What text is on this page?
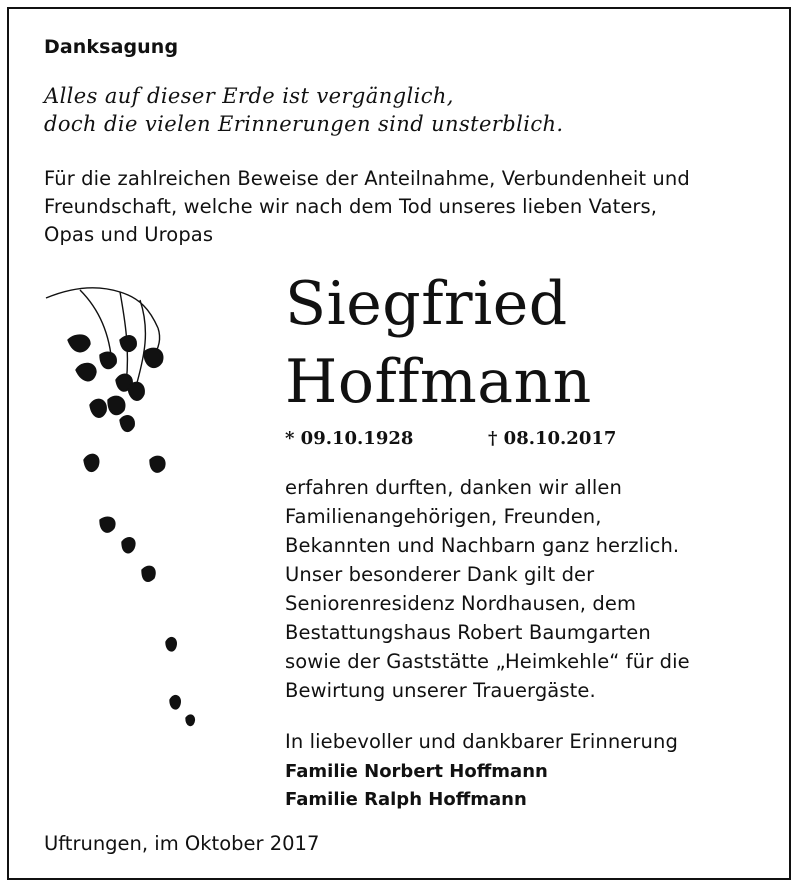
Danksagung
Alles auf dieser Erde ist vergänglich,
doch die vielen Erinnerungen sind unsterblich.
Für die zahlreichen Beweise der Anteilnahme, Verbundenheit und
Freundschaft, welche wir nach dem Tod unseres lieben Vaters,
Opas und Uropas
Siegfried
Hoffmann
* 09.10.1928	† 08.10.2017
erfahren durften, danken wir allen
Familienangehörigen, Freunden,
Bekannten und Nachbarn ganz herzlich.
Unser besonderer Dank gilt der
Seniorenresidenz Nordhausen, dem
Bestattungshaus Robert Baumgarten
sowie der Gaststätte „Heimkehle“ für die
Bewirtung unserer Trauergäste.
In liebevoller und dankbarer Erinnerung
Familie Norbert Hoffmann
Familie Ralph Hoffmann
Uftrungen, im Oktober 2017
